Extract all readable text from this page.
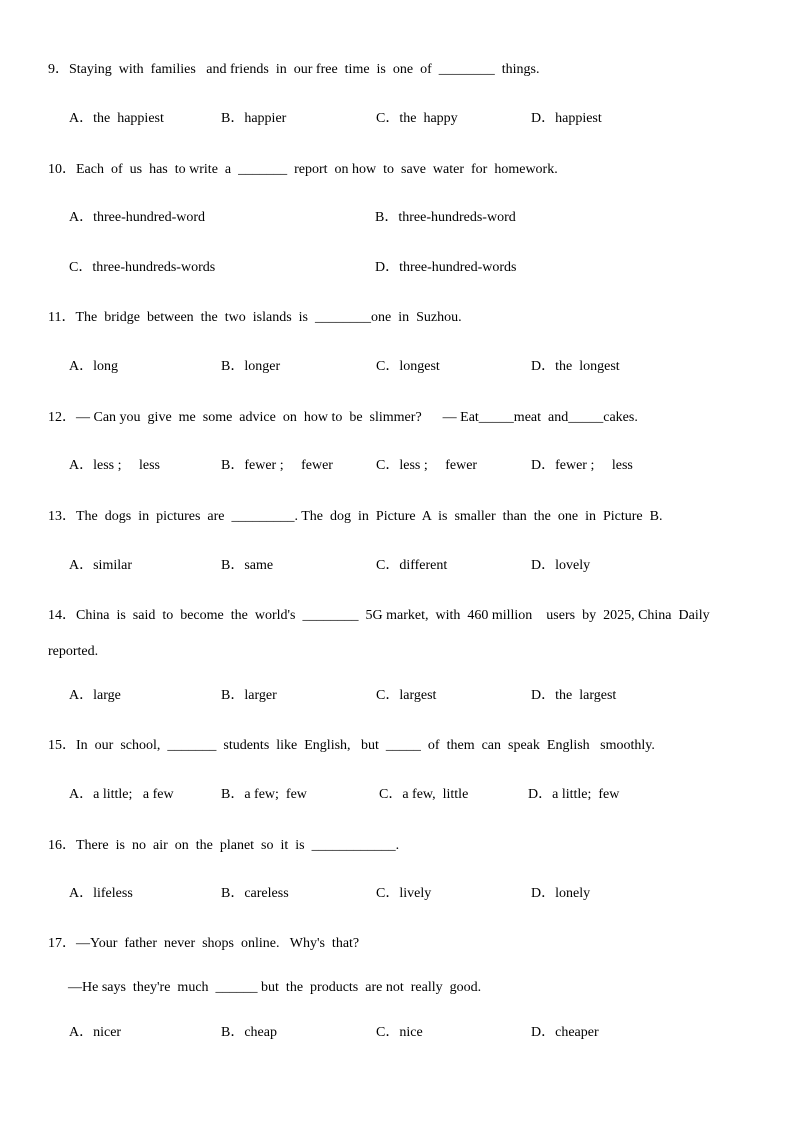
9．Staying  with  families   and friends  in  our free  time  is  one  of  ________  things.
A．the  happiest	B．happier	C．the  happy	D．happiest
10．Each  of  us  has  to write  a  _______  report  on how  to  save  water  for  homework.
A．three-hundred-word	B．three-hundreds-word
C．three-hundreds-words	D．three-hundred-words
11．The  bridge  between  the  two  islands  is  ________one  in  Suzhou.
A．long	B．longer	C．longest	D．the  longest
12．— Can you  give  me  some  advice  on  how to  be  slimmer?      — Eat_____meat  and_____cakes.
A．less ;     less	B．fewer ;     fewer	C．less ;     fewer	D．fewer ;     less
13．The  dogs  in  pictures  are  _________. The  dog  in  Picture  A  is  smaller  than  the  one  in  Picture  B.
A．similar	B．same	C．different	D．lovely
14．China  is  said  to  become  the  world's  ________  5G market,  with  460 million    users  by  2025, China  Daily
reported.
A．large	B．larger	C．largest	D．the  largest
15．In  our  school,  _______  students  like  English,   but  _____  of  them  can  speak  English   smoothly.
A．a little;   a few	B．a few;  few	C．a few,  little	D．a little;  few
16．There  is  no  air  on  the  planet  so  it  is  ____________.
A．lifeless	B．careless	C．lively	D．lonely
17．—Your  father  never  shops  online.   Why's  that?
—He says  they're  much  ______ but  the  products  are not  really  good.
A．nicer	B．cheap	C．nice	D．cheaper
